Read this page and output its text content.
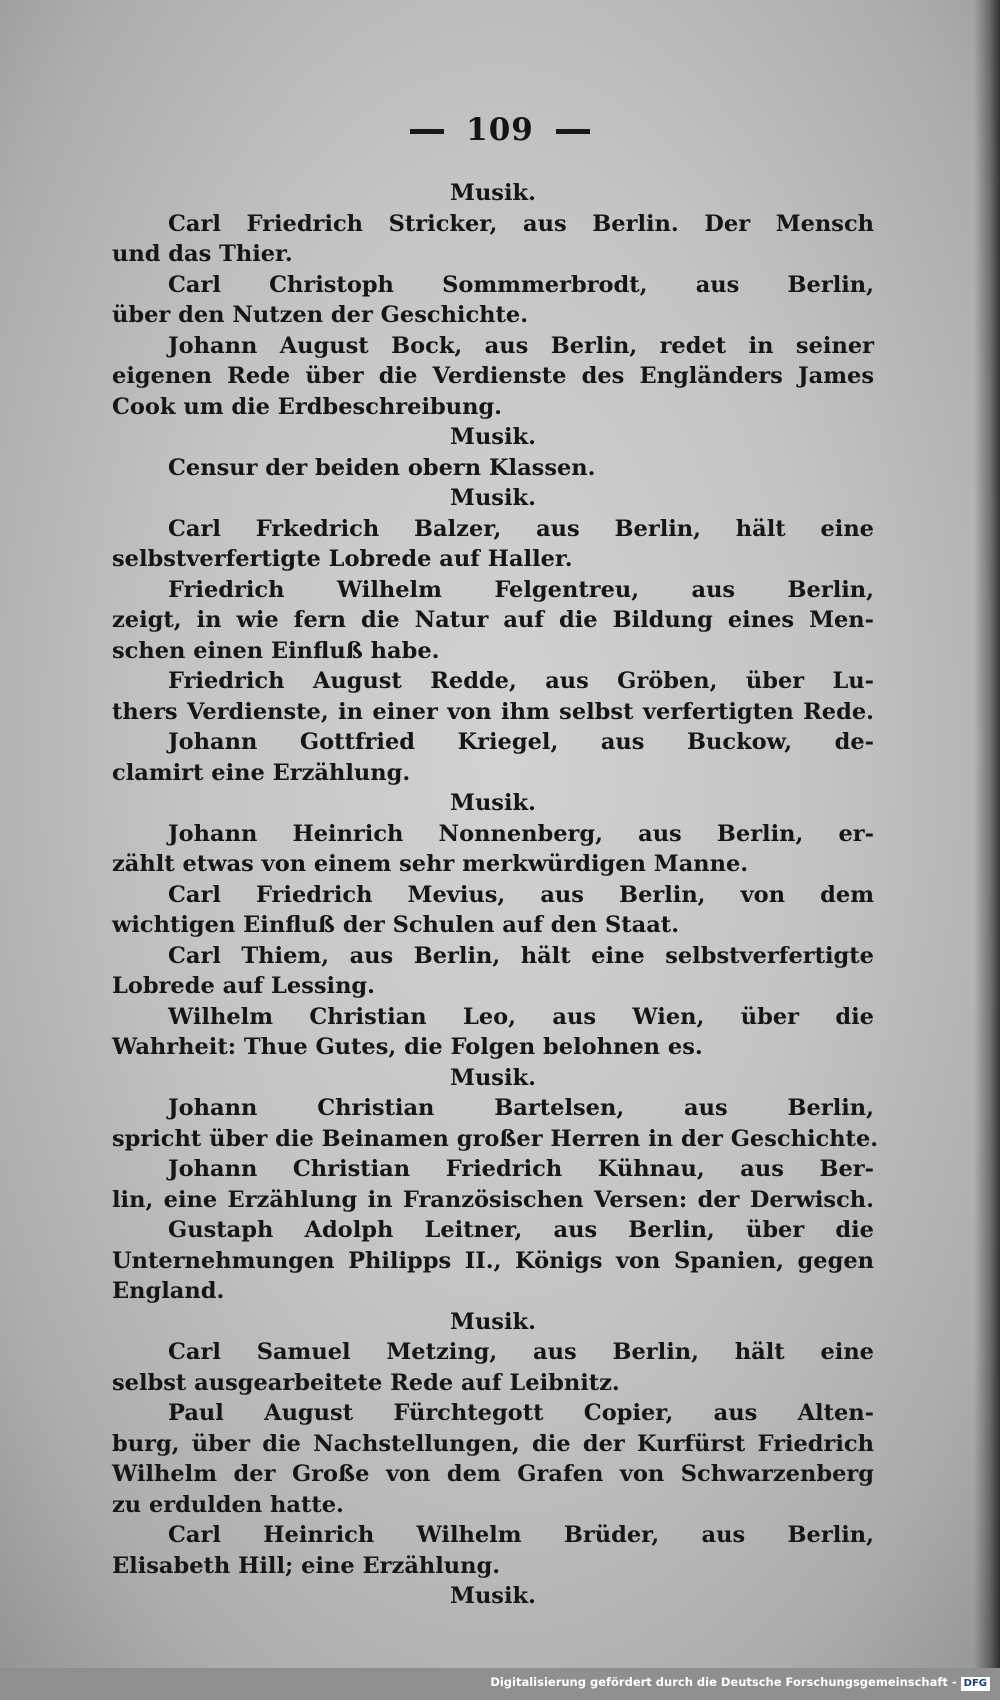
109
Musik.
Carl Friedrich Stricker, aus Berlin. Der Mensch
und das Thier.
Carl Christoph Sommmerbrodt, aus Berlin,
über den Nutzen der Geschichte.
Johann August Bock, aus Berlin, redet in seiner
eigenen Rede über die Verdienste des Engländers James
Cook um die Erdbeschreibung.
Musik.
Censur der beiden obern Klassen.
Musik.
Carl Frkedrich Balzer, aus Berlin, hält eine
selbstverfertigte Lobrede auf Haller.
Friedrich Wilhelm Felgentreu, aus Berlin,
zeigt, in wie fern die Natur auf die Bildung eines Men-
schen einen Einfluß habe.
Friedrich August Redde, aus Gröben, über Lu-
thers Verdienste, in einer von ihm selbst verfertigten Rede.
Johann Gottfried Kriegel, aus Buckow, de-
clamirt eine Erzählung.
Musik.
Johann Heinrich Nonnenberg, aus Berlin, er-
zählt etwas von einem sehr merkwürdigen Manne.
Carl Friedrich Mevius, aus Berlin, von dem
wichtigen Einfluß der Schulen auf den Staat.
Carl Thiem, aus Berlin, hält eine selbstverfertigte
Lobrede auf Lessing.
Wilhelm Christian Leo, aus Wien, über die
Wahrheit: Thue Gutes, die Folgen belohnen es.
Musik.
Johann Christian Bartelsen, aus Berlin,
spricht über die Beinamen großer Herren in der Geschichte.
Johann Christian Friedrich Kühnau, aus Ber-
lin, eine Erzählung in Französischen Versen: der Derwisch.
Gustaph Adolph Leitner, aus Berlin, über die
Unternehmungen Philipps II., Königs von Spanien, gegen
England.
Musik.
Carl Samuel Metzing, aus Berlin, hält eine
selbst ausgearbeitete Rede auf Leibnitz.
Paul August Fürchtegott Copier, aus Alten-
burg, über die Nachstellungen, die der Kurfürst Friedrich
Wilhelm der Große von dem Grafen von Schwarzenberg
zu erdulden hatte.
Carl Heinrich Wilhelm Brüder, aus Berlin,
Elisabeth Hill; eine Erzählung.
Musik.
Digitalisierung gefördert durch die Deutsche Forschungsgemeinschaft - DFG
